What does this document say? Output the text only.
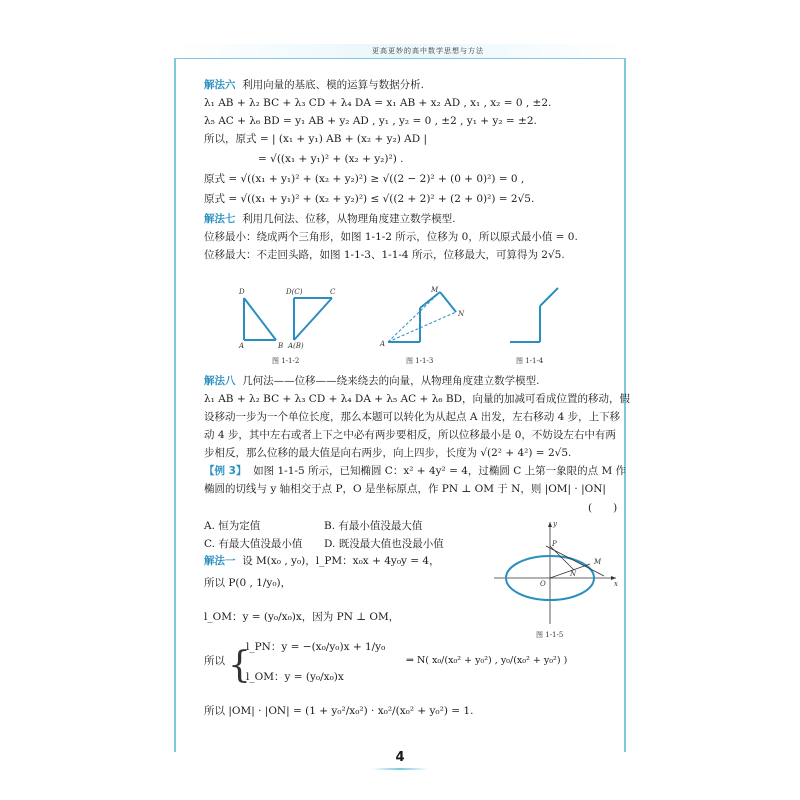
更高更妙的高中数学思想与方法
解法六 利用向量的基底、模的运算与数据分析.
λ₁ AB + λ₂ BC + λ₃ CD + λ₄ DA = x₁ AB + x₂ AD , x₁ , x₂ = 0 , ±2.
λ₅ AC + λ₆ BD = y₁ AB + y₂ AD , y₁ , y₂ = 0 , ±2 , y₁ + y₂ = ±2.
所以，原式 = | (x₁ + y₁) AB + (x₂ + y₂) AD |
= √((x₁ + y₁)² + (x₂ + y₂)²) .
原式 = √((x₁ + y₁)² + (x₂ + y₂)²) ≥ √((2 − 2)² + (0 + 0)²) = 0 ,
原式 = √((x₁ + y₁)² + (x₂ + y₂)²) ≤ √((2 + 2)² + (2 + 0)²) = 2√5.
解法七 利用几何法、位移，从物理角度建立数学模型.
位移最小：绕成两个三角形，如图 1-1-2 所示，位移为 0，所以原式最小值 = 0.
位移最大：不走回头路，如图 1-1-3、1-1-4 所示，位移最大，可算得为 2√5.
D
A	B
D(C)	C
A(B)
图 1-1-2
M
N
A
图 1-1-3	图 1-1-4
解法八 几何法——位移——绕来绕去的向量，从物理角度建立数学模型.
λ₁ AB + λ₂ BC + λ₃ CD + λ₄ DA + λ₅ AC + λ₆ BD，向量的加减可看成位置的移动，假
设移动一步为一个单位长度，那么本题可以转化为从起点 A 出发，左右移动 4 步，上下移
动 4 步，其中左右或者上下之中必有两步要相反，所以位移最小是 0，不妨设左右中有两
步相反，那么位移的最大值是向右两步，向上四步，长度为 √(2² + 4²) = 2√5.
【例 3】 如图 1-1-5 所示，已知椭圆 C：x² + 4y² = 4，过椭圆 C 上第一象限的点 M 作
椭圆的切线与 y 轴相交于点 P，O 是坐标原点，作 PN ⊥ OM 于 N，则 |OM| · |ON|
(　　)
A. 恒为定值	B. 有最小值没最大值
C. 有最大值没最小值 D. 既没最大值也没最小值
解法一 设 M(x₀ , y₀)，l_PM：x₀x + 4y₀y = 4，
所以 P(0 , 1/y₀)，
l_OM：y = (y₀/x₀)x，因为 PN ⊥ OM，
所以 {
l_PN：y = −(x₀/y₀)x + 1/y₀
l_OM：y = (y₀/x₀)x
⇒ N( x₀/(x₀² + y₀²) , y₀/(x₀² + y₀²) )
所以 |OM| · |ON| = (1 + y₀²/x₀²) · x₀²/(x₀² + y₀²) = 1.
y
P
M
N
O	x
图 1-1-5
4
